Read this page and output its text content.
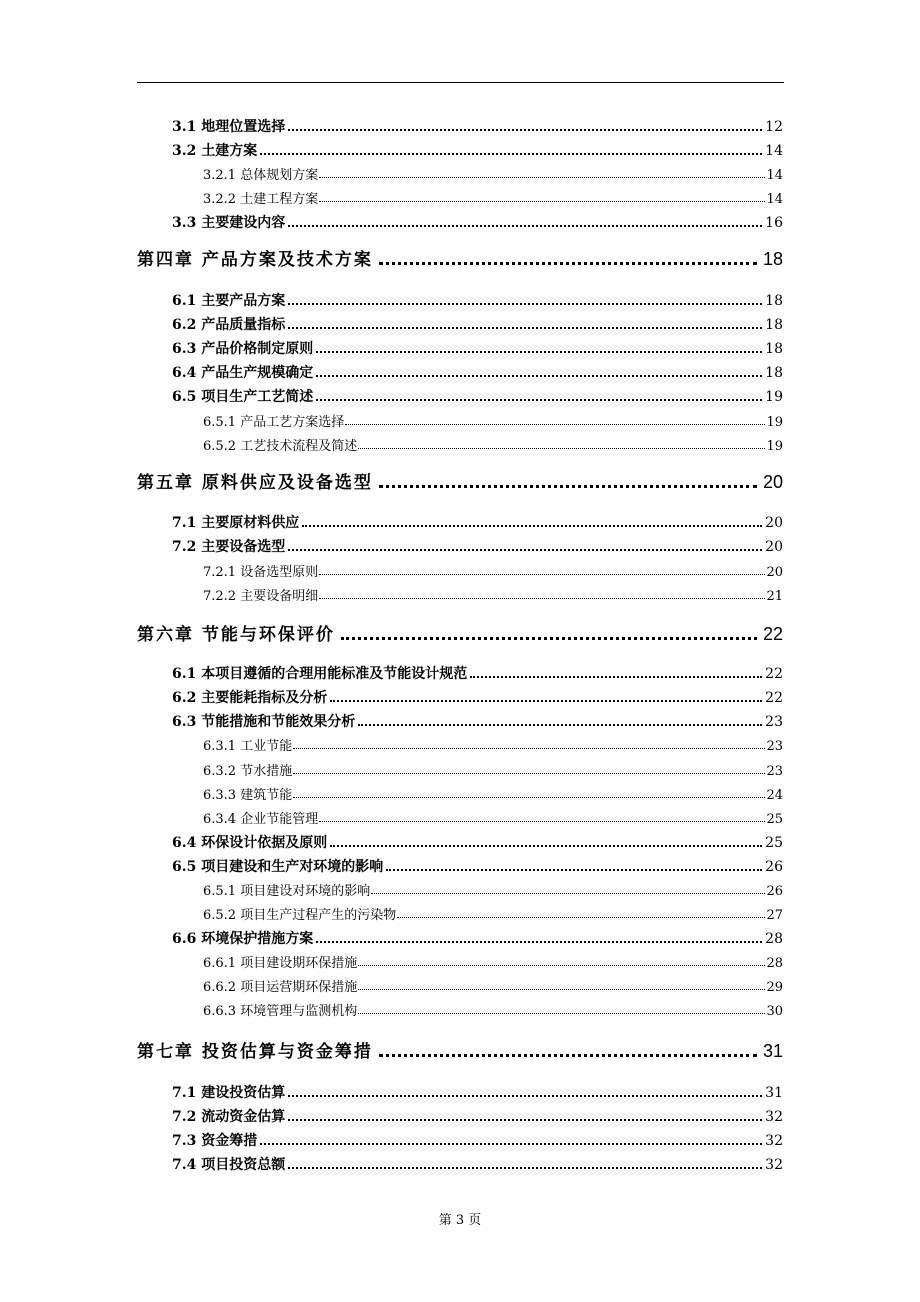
3.1 地理位置选择	12
3.2 土建方案	14
3.2.1 总体规划方案	14
3.2.2 土建工程方案	14
3.3 主要建设内容	16
第四章 产品方案及技术方案	18
6.1 主要产品方案	18
6.2 产品质量指标	18
6.3 产品价格制定原则	18
6.4 产品生产规模确定	18
6.5 项目生产工艺简述	19
6.5.1 产品工艺方案选择	19
6.5.2 工艺技术流程及简述	19
第五章 原料供应及设备选型	20
7.1 主要原材料供应	20
7.2 主要设备选型	20
7.2.1 设备选型原则	20
7.2.2 主要设备明细	21
第六章 节能与环保评价	22
6.1 本项目遵循的合理用能标准及节能设计规范	22
6.2 主要能耗指标及分析	22
6.3 节能措施和节能效果分析	23
6.3.1 工业节能	23
6.3.2 节水措施	23
6.3.3 建筑节能	24
6.3.4 企业节能管理	25
6.4 环保设计依据及原则	25
6.5 项目建设和生产对环境的影响	26
6.5.1 项目建设对环境的影响	26
6.5.2 项目生产过程产生的污染物	27
6.6 环境保护措施方案	28
6.6.1 项目建设期环保措施	28
6.6.2 项目运营期环保措施	29
6.6.3 环境管理与监测机构	30
第七章 投资估算与资金筹措	31
7.1 建设投资估算	31
7.2 流动资金估算	32
7.3 资金筹措	32
7.4 项目投资总额	32
第 3 页
